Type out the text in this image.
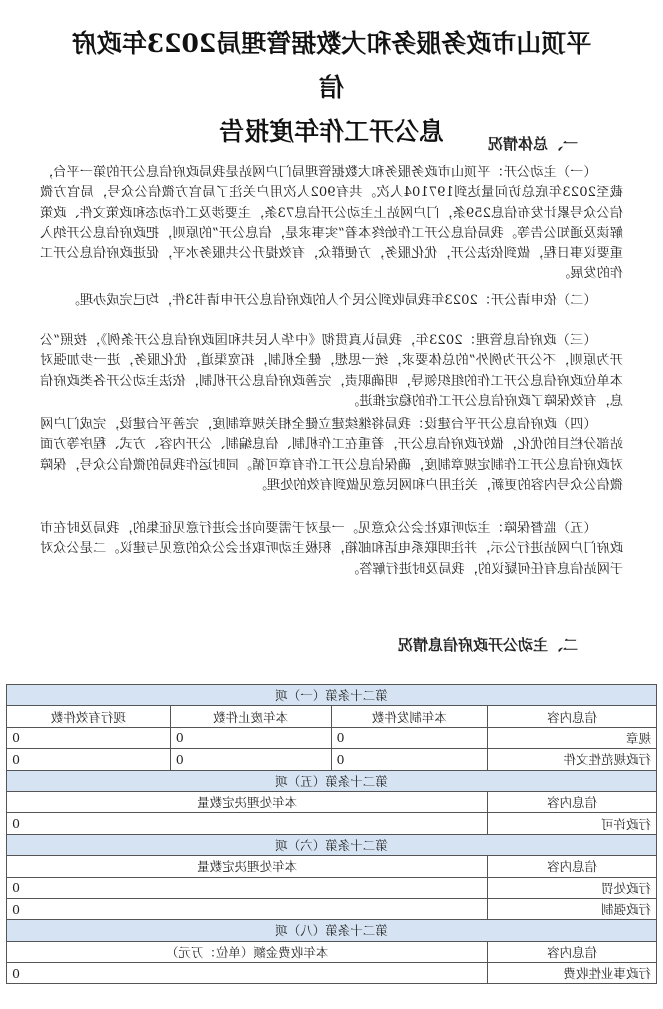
平顶山市政务服务和大数据管理局2023年政府信
息公开工作年度报告	一、总体情况

（一）主动公开：平顶山市政务服务和大数据管理局门户网站是我局政府信息公开的第一平台，截至2023年底总访问量达到197104人次。共有902人次用户关注了局官方微信公众号，局官方微信公众号累计发布信息259条，门户网站上主动公开信息73条，主要涉及工作动态和政策文件、政策解读及通知公告等。我局信息公开工作始终本着“实事求是，信息公开”的原则，把政府信息公开纳入重要议事日程，做到依法公开，优化服务，方便群众，有效提升公共服务水平，促进政府信息公开工作的发展。

（二）依申请公开：2023年我局收到公民个人的政府信息公开申请书3件，均已完成办理。

（三）政府信息管理：2023年，我局认真贯彻《中华人民共和国政府信息公开条例》，按照“公开为原则，不公开为例外”的总体要求，统一思想，健全机制，拓宽渠道，优化服务，进一步加强对本单位政府信息公开工作的组织领导，明确职责，完善政府信息公开机制，依法主动公开各类政府信息，有效保障了政府信息公开工作的稳定推进。

（四）政府信息公开平台建设：我局将继续建立健全相关规章制度，完善平台建设，完成门户网站部分栏目的优化，做好政府信息公开，着重在工作机制、信息编制、公开内容、方式、程序等方面对政府信息公开工作制定规章制度，确保信息公开工作有章可循。同时运作我局的微信公众号，保障微信公众号内容的更新，关注用户和网民意见做到有效的处理。

（五）监督保障：主动听取社会公众意见。一是对于需要向社会进行意见征集的，我局及时在市政府门户网站进行公示，并注明联系电话和邮箱，积极主动听取社会公众的意见与建议。二是公众对于网站信息有任何疑议的，我局及时进行解答。

二、主动公开政府信息情况
第二十条第（一）项			
信息内容	本年制发件数	本年废止件数	现行有效件数
规章	0	0	0
行政规范性文件	0	0	0
第二十条第（五）项			
信息内容	本年处理决定数量		
行政许可	0		
第二十条第（六）项			
信息内容	本年处理决定数量		
行政处罚	0		
行政强制	0		
第二十条第（八）项			
信息内容	本年收费金额（单位：万元）		
行政事业性收费	0		
